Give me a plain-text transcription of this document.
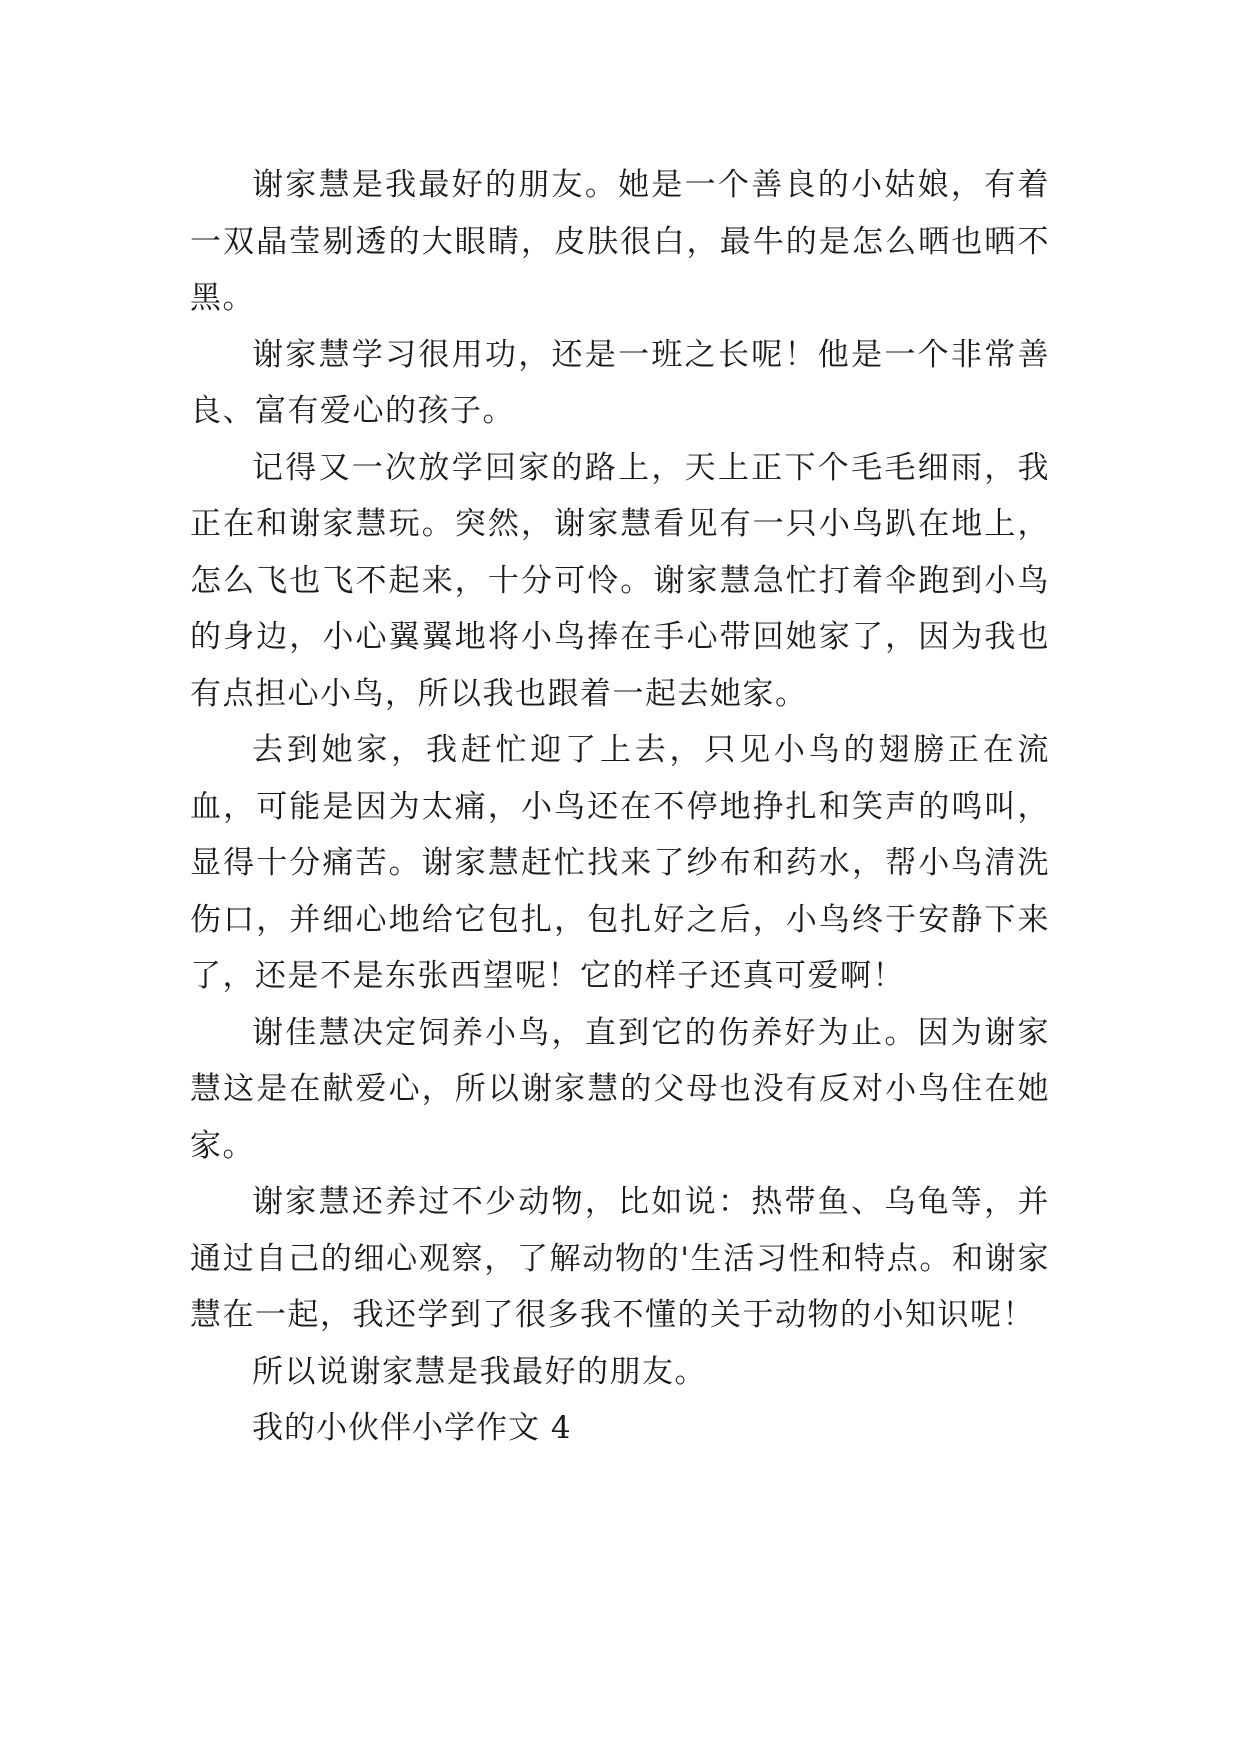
谢家慧是我最好的朋友。她是一个善良的小姑娘，有着一双晶莹剔透的大眼睛，皮肤很白，最牛的是怎么晒也晒不黑。

谢家慧学习很用功，还是一班之长呢！他是一个非常善良、富有爱心的孩子。

记得又一次放学回家的路上，天上正下个毛毛细雨，我正在和谢家慧玩。突然，谢家慧看见有一只小鸟趴在地上，怎么飞也飞不起来，十分可怜。谢家慧急忙打着伞跑到小鸟的身边，小心翼翼地将小鸟捧在手心带回她家了，因为我也有点担心小鸟，所以我也跟着一起去她家。

去到她家，我赶忙迎了上去，只见小鸟的翅膀正在流血，可能是因为太痛，小鸟还在不停地挣扎和笑声的鸣叫，显得十分痛苦。谢家慧赶忙找来了纱布和药水，帮小鸟清洗伤口，并细心地给它包扎，包扎好之后，小鸟终于安静下来了，还是不是东张西望呢！它的样子还真可爱啊！

谢佳慧决定饲养小鸟，直到它的伤养好为止。因为谢家慧这是在献爱心，所以谢家慧的父母也没有反对小鸟住在她家。

谢家慧还养过不少动物，比如说：热带鱼、乌龟等，并通过自己的细心观察，了解动物的'生活习性和特点。和谢家慧在一起，我还学到了很多我不懂的关于动物的小知识呢！

所以说谢家慧是我最好的朋友。

我的小伙伴小学作文 4
